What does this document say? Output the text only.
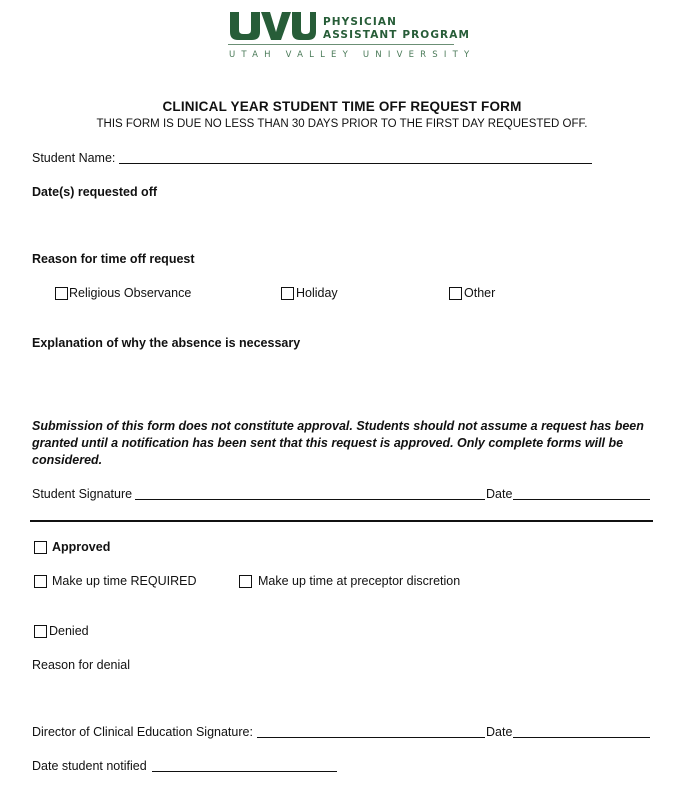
PHYSICIAN
ASSISTANT PROGRAM
UTAH VALLEY UNIVERSITY
CLINICAL YEAR STUDENT TIME OFF REQUEST FORM
THIS FORM IS DUE NO LESS THAN 30 DAYS PRIOR TO THE FIRST DAY REQUESTED OFF.
Student Name:
Date(s) requested off
Reason for time off request
Religious Observance	Holiday	Other
Explanation of why the absence is necessary
Submission of this form does not constitute approval. Students should not assume a request has been
granted until a notification has been sent that this request is approved. Only complete forms will be
considered.
Student Signature	Date
Approved
Make up time REQUIRED	Make up time at preceptor discretion
Denied
Reason for denial
Director of Clinical Education Signature:	Date
Date student notified
